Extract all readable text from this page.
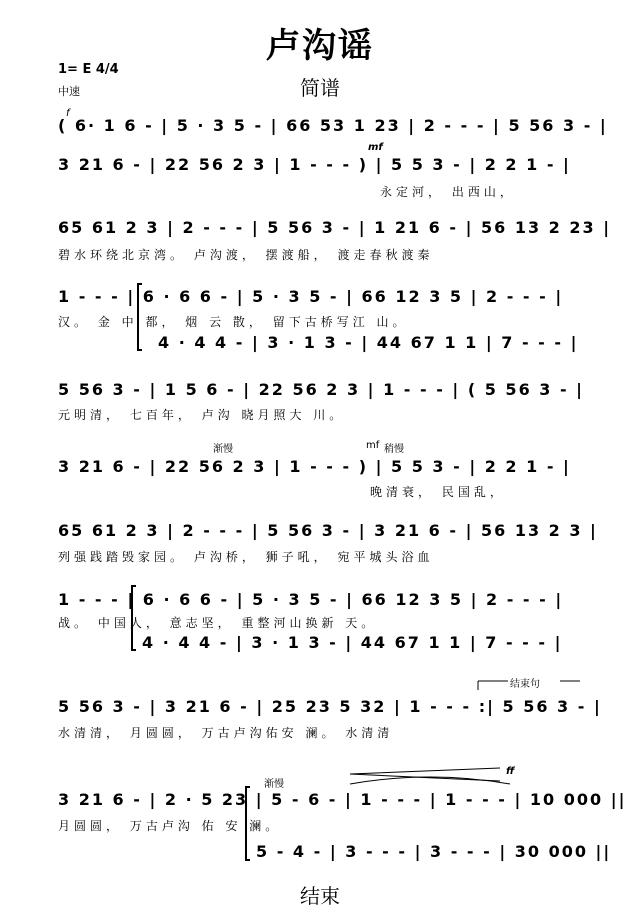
卢沟谣
简谱
1= E 4/4
中速
( 6· 1 6 - | 5 · 3 5 - | 66 53 1 23 | 2 - - - | 5 56 3 - |
3 21 6 - | 22 56 2 3 | 1 - - - ) | 5 5 3 - | 2 2 1 - |
永定河， 出西山，
65 61 2 3 | 2 - - - | 5 56 3 - | 1 21 6 - | 56 13 2 23 |
碧水环绕北京湾。 卢沟渡， 摆渡船， 渡走春秋渡秦
1 - - - | 6 · 6 6 - | 5 · 3 5 - | 66 12 3 5 | 2 - - - |
汉。 金 中 都， 烟 云 散， 留下古桥写江 山。
4 · 4 4 - | 3 · 1 3 - | 44 67 1 1 | 7 - - - |
5 56 3 - | 1 5 6 - | 22 56 2 3 | 1 - - - | ( 5 56 3 - |
元明清， 七百年， 卢沟 晓月照大 川。
3 21 6 - | 22 56 2 3 | 1 - - - ) | 5 5 3 - | 2 2 1 - |
晚清衰， 民国乱，
65 61 2 3 | 2 - - - | 5 56 3 - | 3 21 6 - | 56 13 2 3 |
列强践踏毁家园。 卢沟桥， 狮子吼， 宛平城头浴血
1 - - - | 6 · 6 6 - | 5 · 3 5 - | 66 12 3 5 | 2 - - - |
战。 中国人， 意志坚， 重整河山换新 天。
4 · 4 4 - | 3 · 1 3 - | 44 67 1 1 | 7 - - - |
5 56 3 - | 3 21 6 - | 25 23 5 32 | 1 - - - :| 5 56 3 - |
水清清， 月圆圆， 万古卢沟佑安 澜。 水清清
3 21 6 - | 2 · 5 23 | 5 - 6 - | 1 - - - | 1 - - - | 10 000 ||
月圆圆， 万古卢沟 佑 安 澜。
5 - 4 - | 3 - - - | 3 - - - | 30 000 ||
f
mf
渐慢	mf 稍慢
结束句
渐慢
ff
结束
